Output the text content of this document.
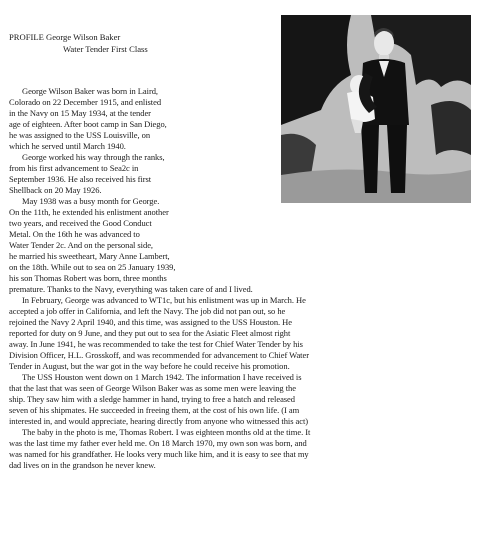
PROFILE George Wilson Baker
Water Tender First Class
George Wilson Baker was born in Laird,
Colorado on 22 December 1915, and enlisted
in the Navy on 15 May 1934, at the tender
age of eighteen. After boot camp in San Diego,
he was assigned to the USS Louisville, on
which he served until March 1940.
George worked his way through the ranks,
from his first advancement to Sea2c in
September 1936. He also received his first
Shellback on 20 May 1926.
May 1938 was a busy month for George.
On the 11th, he extended his enlistment another
two years, and received the Good Conduct
Metal. On the 16th he was advanced to
Water Tender 2c. And on the personal side,
he married his sweetheart, Mary Anne Lambert,
on the 18th. While out to sea on 25 January 1939,
his son Thomas Robert was born, three months
premature. Thanks to the Navy, everything was taken care of and I lived.
In February, George was advanced to WT1c, but his enlistment was up in March. He
accepted a job offer in California, and left the Navy. The job did not pan out, so he
rejoined the Navy 2 April 1940, and this time, was assigned to the USS Houston. He
reported for duty on 9 June, and they put out to sea for the Asiatic Fleet almost right
away. In June 1941, he was recommended to take the test for Chief Water Tender by his
Division Officer, H.L. Grosskoff, and was recommended for advancement to Chief Water
Tender in August, but the war got in the way before he could receive his promotion.
The USS Houston went down on 1 March 1942. The information I have received is
that the last that was seen of George Wilson Baker was as some men were leaving the
ship. They saw him with a sledge hammer in hand, trying to free a hatch and released
seven of his shipmates. He succeeded in freeing them, at the cost of his own life. (I am
interested in, and would appreciate, hearing directly from anyone who witnessed this act)
The baby in the photo is me, Thomas Robert. I was eighteen months old at the time. It
was the last time my father ever held me. On 18 March 1970, my own son was born, and
was named for his grandfather. He looks very much like him, and it is easy to see that my
dad lives on in the grandson he never knew.
